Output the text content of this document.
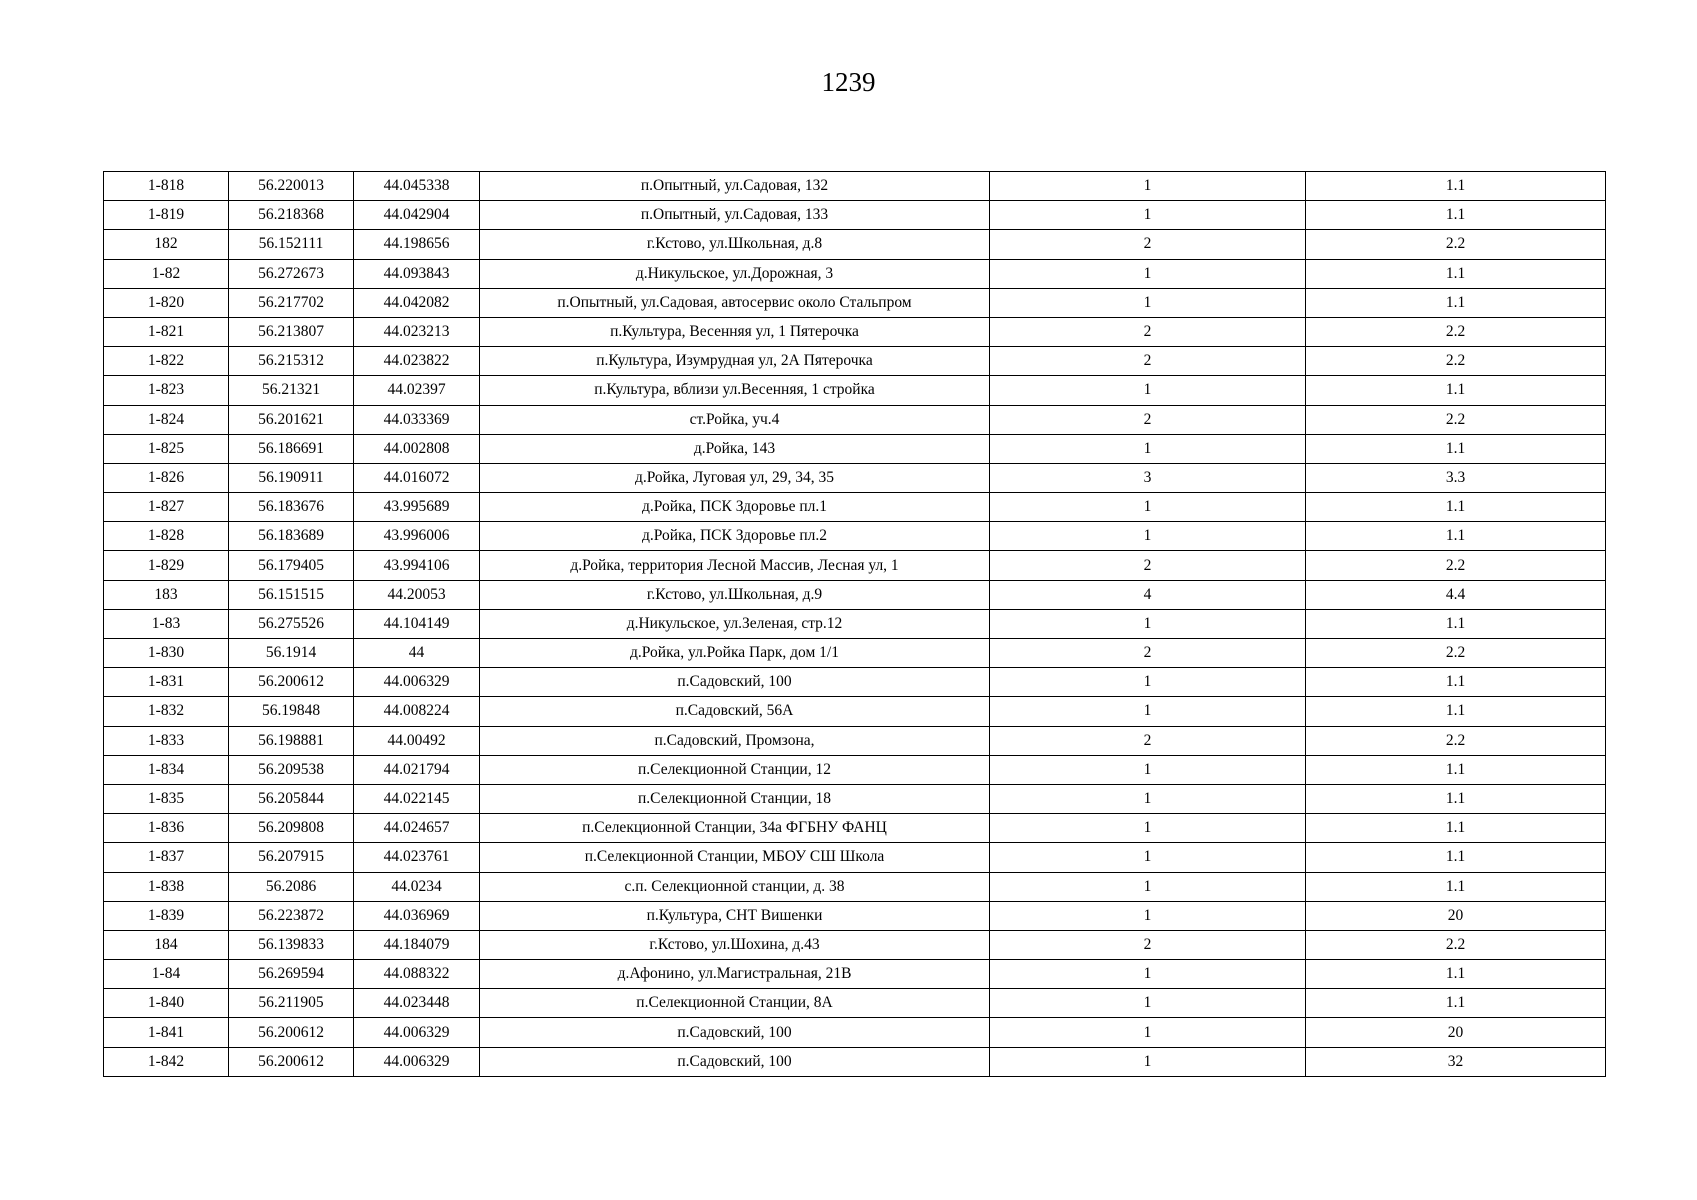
1239
1-818	56.220013	44.045338	п.Опытный, ул.Садовая, 132	1	1.1
1-819	56.218368	44.042904	п.Опытный, ул.Садовая, 133	1	1.1
182	56.152111	44.198656	г.Кстово, ул.Школьная, д.8	2	2.2
1-82	56.272673	44.093843	д.Никульское, ул.Дорожная, 3	1	1.1
1-820	56.217702	44.042082	п.Опытный, ул.Садовая, автосервис около Стальпром	1	1.1
1-821	56.213807	44.023213	п.Культура, Весенняя ул, 1 Пятерочка	2	2.2
1-822	56.215312	44.023822	п.Культура, Изумрудная ул, 2А Пятерочка	2	2.2
1-823	56.21321	44.02397	п.Культура, вблизи ул.Весенняя, 1 стройка	1	1.1
1-824	56.201621	44.033369	ст.Ройка, уч.4	2	2.2
1-825	56.186691	44.002808	д.Ройка, 143	1	1.1
1-826	56.190911	44.016072	д.Ройка, Луговая ул, 29, 34, 35	3	3.3
1-827	56.183676	43.995689	д.Ройка, ПСК Здоровье пл.1	1	1.1
1-828	56.183689	43.996006	д.Ройка, ПСК Здоровье пл.2	1	1.1
1-829	56.179405	43.994106	д.Ройка, территория Лесной Массив, Лесная ул, 1	2	2.2
183	56.151515	44.20053	г.Кстово, ул.Школьная, д.9	4	4.4
1-83	56.275526	44.104149	д.Никульское, ул.Зеленая, стр.12	1	1.1
1-830	56.1914	44	д.Ройка, ул.Ройка Парк, дом 1/1	2	2.2
1-831	56.200612	44.006329	п.Садовский, 100	1	1.1
1-832	56.19848	44.008224	п.Садовский, 56А	1	1.1
1-833	56.198881	44.00492	п.Садовский, Промзона,	2	2.2
1-834	56.209538	44.021794	п.Селекционной Станции, 12	1	1.1
1-835	56.205844	44.022145	п.Селекционной Станции, 18	1	1.1
1-836	56.209808	44.024657	п.Селекционной Станции, 34а ФГБНУ ФАНЦ	1	1.1
1-837	56.207915	44.023761	п.Селекционной Станции, МБОУ СШ Школа	1	1.1
1-838	56.2086	44.0234	с.п. Селекционной станции, д. 38	1	1.1
1-839	56.223872	44.036969	п.Культура, СНТ Вишенки	1	20
184	56.139833	44.184079	г.Кстово, ул.Шохина, д.43	2	2.2
1-84	56.269594	44.088322	д.Афонино, ул.Магистральная, 21В	1	1.1
1-840	56.211905	44.023448	п.Селекционной Станции, 8А	1	1.1
1-841	56.200612	44.006329	п.Садовский, 100	1	20
1-842	56.200612	44.006329	п.Садовский, 100	1	32
